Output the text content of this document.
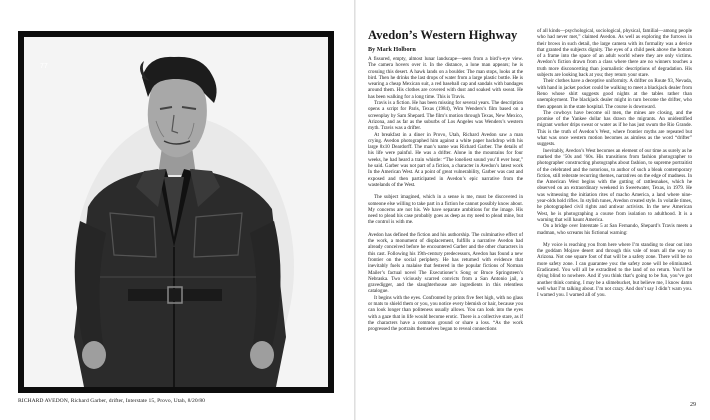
77
RICHARD AVEDON, Richard Garber, drifter, Interstate 15, Provo, Utah, 8/20/80
Avedon’s Western Highway

By Mark Holborn

A fissured, empty, almost lunar landscape—seen from a bird’s-eye view. The camera hovers over it. In the distance, a lone man appears; he is crossing this desert. A hawk lands on a boulder. The man stops, looks at the bird. Then he drinks the last drops of water from a large plastic bottle. He is wearing a cheap Mexican suit, a red baseball cap and sandals with bandages around them. His clothes are covered with dust and soaked with sweat. He has been walking for a long time. This is Travis.

Travis is a fiction. He has been missing for several years. The description opens a script for Paris, Texas (1984), Wim Wenders’s film based on a screenplay by Sam Shepard. The film’s motion through Texas, New Mexico, Arizona, and as far as the suburbs of Los Angeles was Wenders’s western myth. Travis was a drifter.

At breakfast in a diner in Provo, Utah, Richard Avedon saw a man crying. Avedon photographed him against a white paper backdrop with his large 8x10 Deardorff. The man’s name was Richard Garber. The details of his life were painful. He was a drifter. Alone in the mountains for four weeks, he had heard a train whistle: “The loneliest sound you’ll ever hear,” he said. Garber was not part of a fiction, a character in Avedon’s latest work In the American West. At a point of great vulnerability, Garber was cast and exposed and then participated in Avedon’s epic narrative from the wastelands of the West.

The subject imagined, which in a sense is me, must be discovered in someone else willing to take part in a fiction he cannot possibly know about. My concerns are not his. We have separate ambitions for the image. His need to plead his case probably goes as deep as my need to plead mine, but the control is with me.

Avedon has defined the fiction and his authorship. The culminative effect of the work, a monument of displacement, fulfills a narrative Avedon had already conceived before he encountered Garber and the other characters in this cast. Following his 19th-century predecessors, Avedon has found a new frontier on the social periphery. He has returned with evidence that inevitably fuels a malaise that festered in the popular fictions of Norman Mailer’s factual novel The Executioner’s Song or Bruce Springsteen’s Nebraska. Two viciously scarred convicts from a San Antonio jail, a gravedigger, and the slaughterhouse are ingredients in this relentless catalogue.

It begins with the eyes. Confronted by prints five feet high, with no glass or mats to shield them or you, you notice every blemish or hair, because you can look longer than politeness usually allows. You can look into the eyes with a gaze that in life would become erotic. There is a collective stare, as if the characters have a common ground or share a loss. “As the work progressed the portraits themselves began to reveal connections

of all kinds—psychological, sociological, physical, familial—among people who had never met,” claimed Avedon. As well as exploring the furrows in their brows in such detail, the large camera with its formality was a device that granted the subjects dignity. The eyes of a child peek above the bottom of a frame into the space of an adult world where they are only victims. Avedon’s fiction drawn from a class where there are no winners touches a truth more disconcerting than journalistic descriptions of degradation. His subjects are looking back at you; they return your stare.

Their clothes have a deceptive uniformity. A drifter on Route 93, Nevada, with hand in jacket pocket could be walking to meet a blackjack dealer from Reno whose shirt suggests good nights at the tables rather than unemployment. The blackjack dealer might in turn become the drifter, who then appears in the state hospital. The course is downward.

The cowboys have become oil men, the mines are closing, and the promise of the Yankee dollar has drawn the migrants. An unidentified migrant worker drips sweat or water as if he has just swum the Rio Grande. This is the truth of Avedon’s West, where frontier myths are repeated but what was once western motion becomes as aimless as the word “drifter” suggests.

Inevitably, Avedon’s West becomes an element of our time as surely as he marked the ’50s and ’60s. His transitions from fashion photographer to photographer constructing photographs about fashion, to supreme portraitist of the celebrated and the notorious, to author of such a bleak contemporary fiction, still reiterate recurring themes, narratives on the edge of madness. In the American West begins with the gutting of rattlesnakes, which he observed on an extraordinary weekend in Sweetwater, Texas, in 1979. He was witnessing the initiation rites of macho America, a land where nine-year-olds hold rifles. In stylish tunes, Avedon created style. In volatile times, he photographed civil rights and antiwar activists. In the new American West, he is photographing a course from isolation to adulthood. It is a warning that will haunt America.

On a bridge over Interstate 5 at San Fernando, Shepard’s Travis meets a madman, who screams his fictional warning:

My voice is reaching you from here where I’m standing to clear out into the goddam Mojave desert and through this vale of tears all the way to Arizona. Not one square foot of that will be a safety zone. There will be no more safety zone. I can guarantee you: the safety zone will be eliminated. Eradicated. You will all be extradited to the land of no return. You’ll be dying blind to nowhere. And if you think that’s going to be fun, you’ve got another think coming. I may be a slimebucket, but believe me, I know damn well what I’m talking about. I’m not crazy. And don’t say I didn’t warn you. I warned you. I warned all of you.

29
